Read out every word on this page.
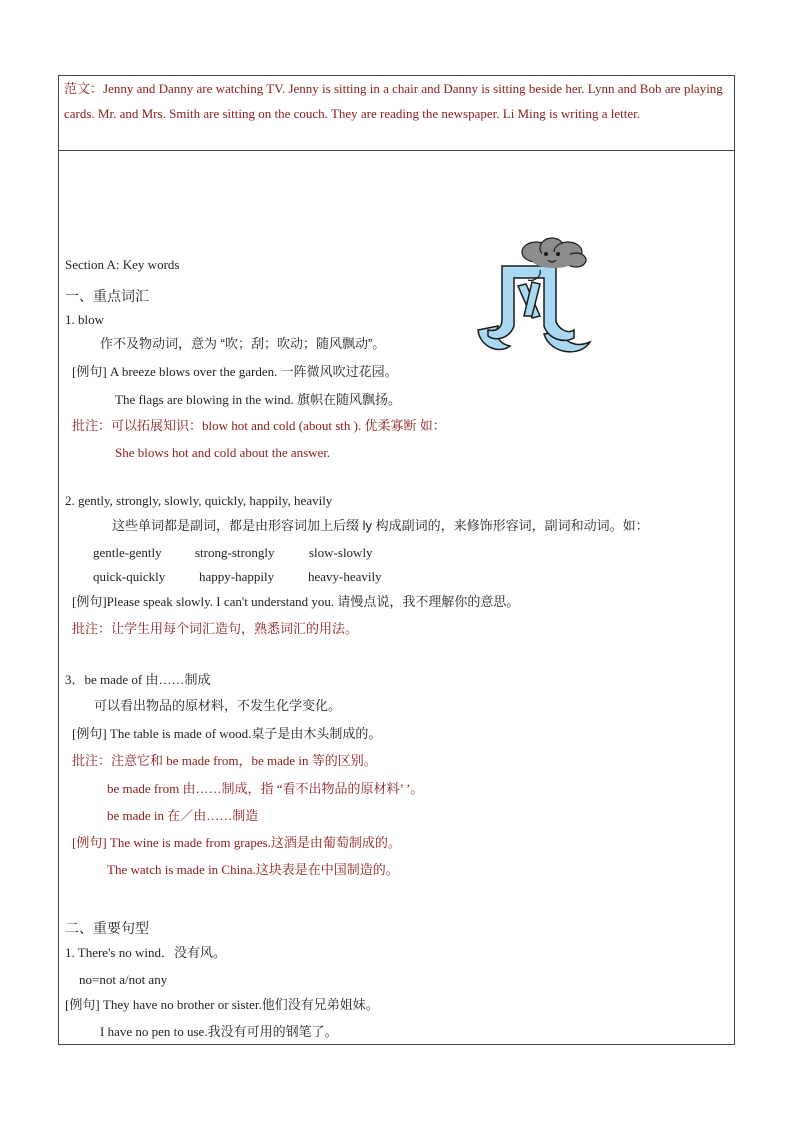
范文：Jenny and Danny are watching TV. Jenny is sitting in a chair and Danny is sitting beside her. Lynn and Bob are playing cards. Mr. and Mrs. Smith are sitting on the couch. They are reading the newspaper. Li Ming is writing a letter.
Section A: Key words
一、重点词汇
1. blow
作不及物动词，意为 “吹；刮；吹动；随风飘动”。
[例句] A breeze blows over the garden. 一阵微风吹过花园。
The flags are blowing in the wind. 旗帜在随风飘扬。
批注：可以拓展知识：blow hot and cold (about sth ). 优柔寡断 如：
She blows hot and cold about the answer.
2. gently, strongly, slowly, quickly, happily, heavily
这些单词都是副词，都是由形容词加上后缀 ly 构成副词的，来修饰形容词，副词和动词。如：
gentle-gently	strong-strongly	slow-slowly
quick-quickly	happy-happily	heavy-heavily
[例句]Please speak slowly. I can't understand you. 请慢点说，我不理解你的意思。
批注：让学生用每个词汇造句，熟悉词汇的用法。
3．be made of 由……制成
可以看出物品的原材料，不发生化学变化。
[例句] The table is made of wood.桌子是由木头制成的。
批注：注意它和 be made from，be made in 等的区别。
be made from 由……制成，指 “看不出物品的原材料’ ’。
be made in 在／由……制造
[例句] The wine is made from grapes.这酒是由葡萄制成的。
The watch is made in China.这块表是在中国制造的。
二、重要句型
1. There's no wind．没有风。
no=not a/not any
[例句] They have no brother or sister.他们没有兄弟姐妹。
I have no pen to use.我没有可用的钢笔了。
